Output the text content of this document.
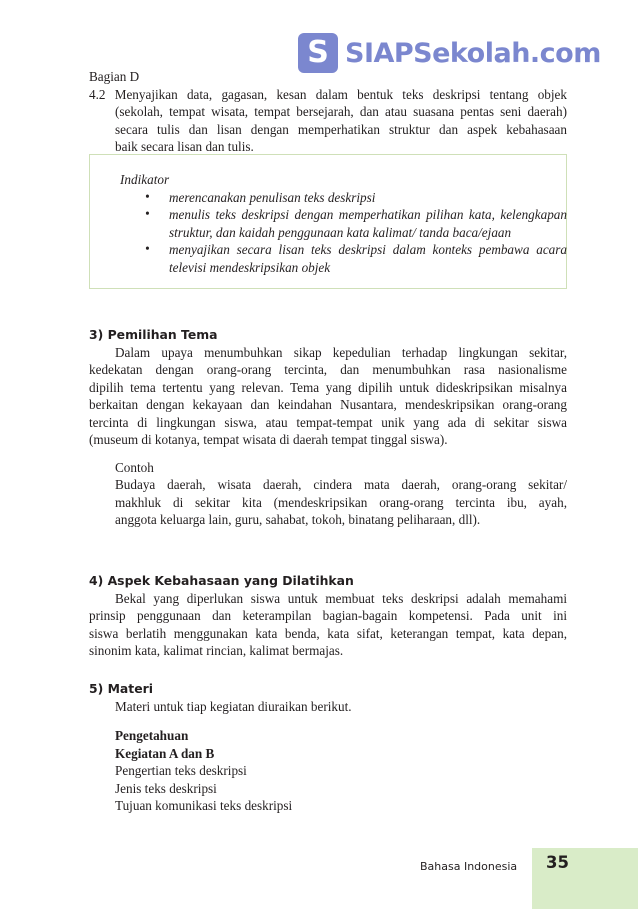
S SIAPSekolah.com
Bagian D
4.2 Menyajikan data, gagasan, kesan dalam bentuk teks deskripsi tentang objek
(sekolah, tempat wisata, tempat bersejarah, dan atau suasana pentas seni daerah)
secara tulis dan lisan dengan memperhatikan struktur dan aspek kebahasaan
baik secara lisan dan tulis.
Indikator
•	merencanakan penulisan teks deskripsi
•	menulis teks deskripsi dengan memperhatikan pilihan kata, kelengkapan
struktur, dan kaidah penggunaan kata kalimat/ tanda baca/ejaan
•	menyajikan secara lisan teks deskripsi dalam konteks pembawa acara
televisi mendeskripsikan objek
3) Pemilihan Tema
Dalam upaya menumbuhkan sikap kepedulian terhadap lingkungan sekitar,
kedekatan dengan orang-orang tercinta, dan menumbuhkan rasa nasionalisme
dipilih tema tertentu yang relevan. Tema yang dipilih untuk dideskripsikan misalnya
berkaitan dengan kekayaan dan keindahan Nusantara, mendeskripsikan orang-orang
tercinta di lingkungan siswa, atau tempat-tempat unik yang ada di sekitar siswa
(museum di kotanya, tempat wisata di daerah tempat tinggal siswa).
Contoh
Budaya daerah, wisata daerah, cindera mata daerah, orang-orang sekitar/
makhluk di sekitar kita (mendeskripsikan orang-orang tercinta ibu, ayah,
anggota keluarga lain, guru, sahabat, tokoh, binatang peliharaan, dll).
4) Aspek Kebahasaan yang Dilatihkan
Bekal yang diperlukan siswa untuk membuat teks deskripsi adalah memahami
prinsip penggunaan dan keterampilan bagian-bagain kompetensi. Pada unit ini
siswa berlatih menggunakan kata benda, kata sifat, keterangan tempat, kata depan,
sinonim kata, kalimat rincian, kalimat bermajas.
5) Materi
Materi untuk tiap kegiatan diuraikan berikut.
Pengetahuan
Kegiatan A dan B
Pengertian teks deskripsi
Jenis teks deskripsi
Tujuan komunikasi teks deskripsi
Bahasa Indonesia 35
